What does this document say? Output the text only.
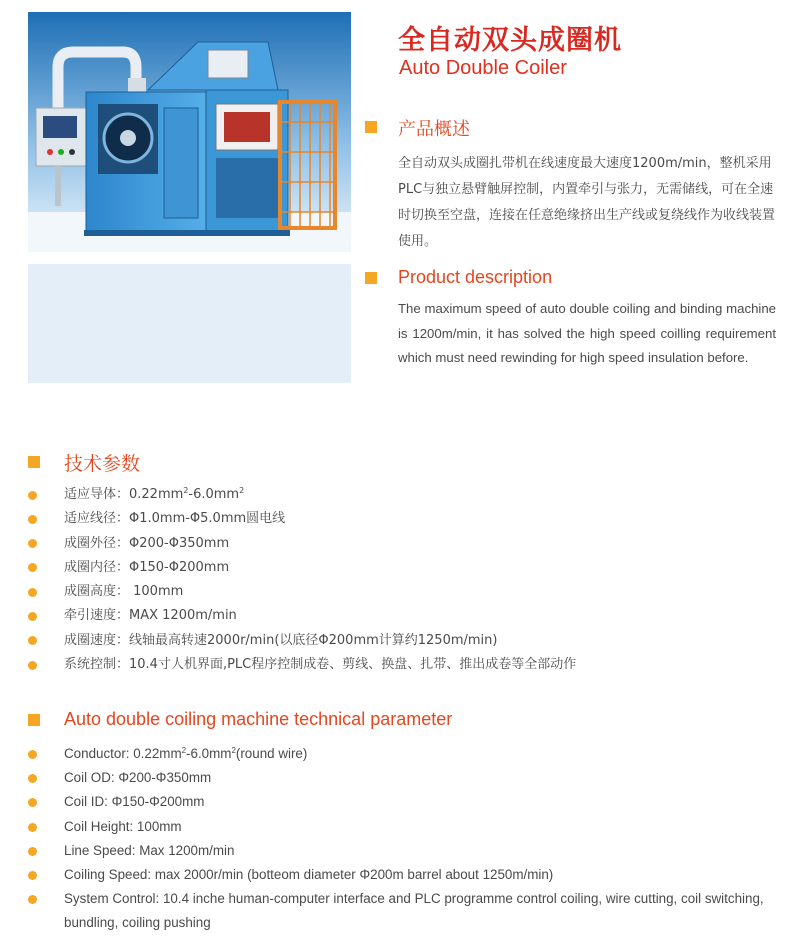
全自动双头成圈机
Auto Double Coiler
产品概述
全自动双头成圈扎带机在线速度最大速度1200m/min，整机采用PLC与独立悬臂触屏控制，内置牵引与张力，无需储线，可在全速时切换至空盘，连接在任意绝缘挤出生产线或复绕线作为收线装置使用。
Product description
The maximum speed of auto double coiling and binding machine is 1200m/min, it has solved the high speed coilling requirement which must need rewinding for high speed insulation before.
技术参数
适应导体：$0.22mm^2-6.0mm^2$
适应线径：Φ1.0mm-Φ5.0mm圆电线
成圈外径：Φ200-Φ350mm
成圈内径：Φ150-Φ200mm
成圈高度： 100mm
牵引速度：MAX 1200m/min
成圈速度：线轴最高转速2000r/min(以底径Φ200mm计算约1250m/min)
系统控制：10.4寸人机界面,PLC程序控制成卷、剪线、换盘、扎带、推出成卷等全部动作
Auto double coiling machine technical parameter
Conductor: $0.22mm^2-6.0mm^2(round$ wire)
Coil OD: Φ200-Φ350mm
Coil ID: Φ150-Φ200mm
Coil Height: 100mm
Line Speed: Max 1200m/min
Coiling Speed: max 2000r/min (botteom diameter Φ200m barrel about 1250m/min)
System Control: 10.4 inche human-computer interface and PLC programme control coiling, wire cutting, coil switching, bundling, coiling pushing
